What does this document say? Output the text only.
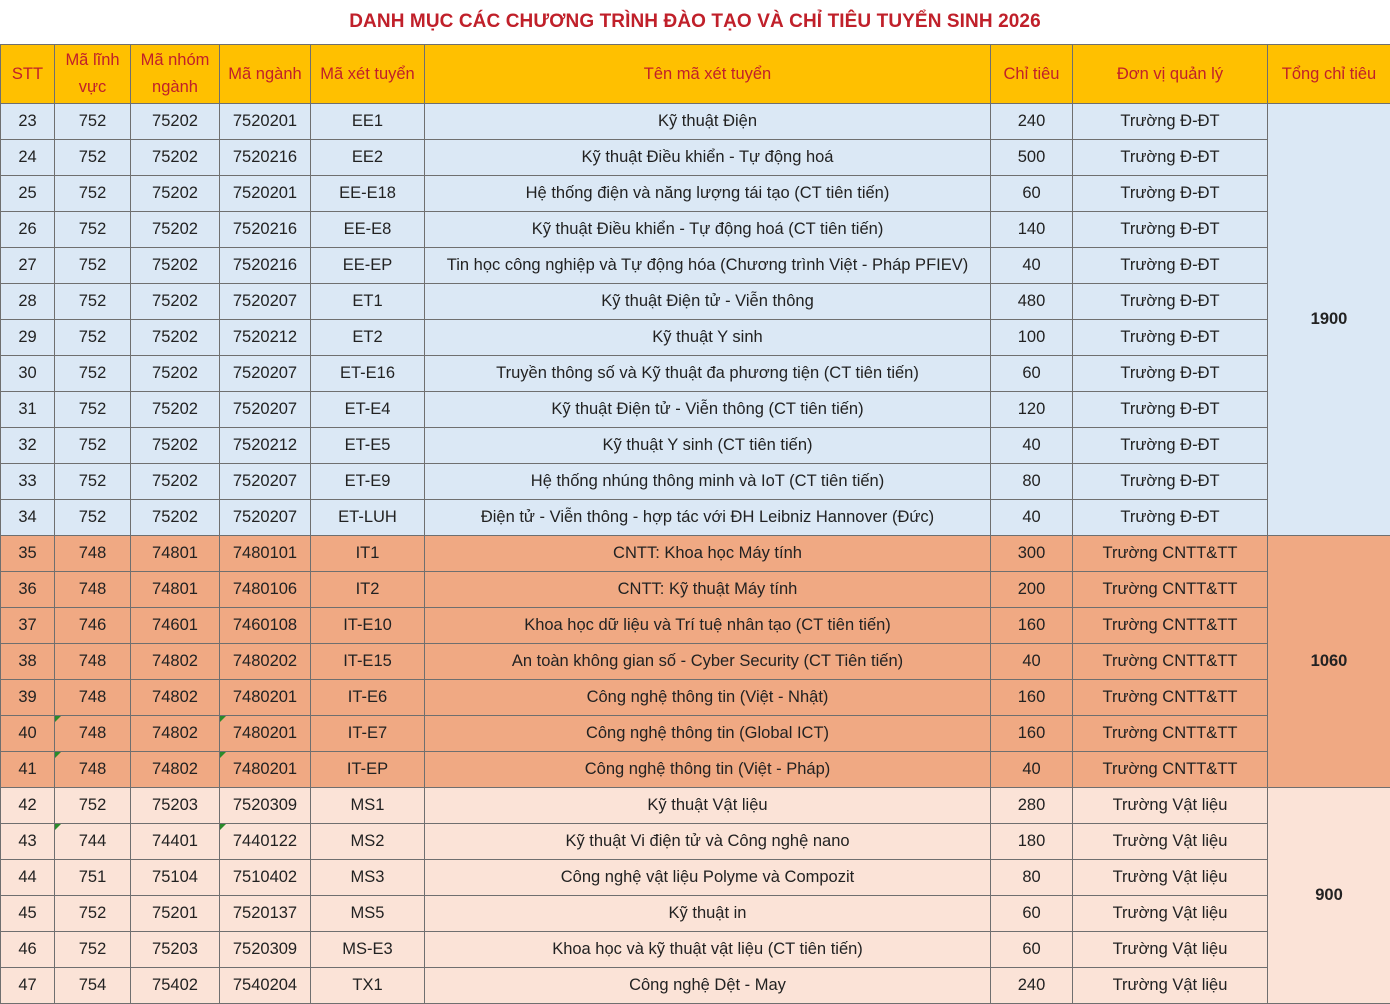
DANH MỤC CÁC CHƯƠNG TRÌNH ĐÀO TẠO VÀ CHỈ TIÊU TUYỂN SINH 2026
STT	Mã lĩnh vực	Mã nhóm ngành	Mã ngành	Mã xét tuyển	Tên mã xét tuyển	Chỉ tiêu	Đơn vị quản lý	Tổng chỉ tiêu
23	752	75202	7520201	EE1	Kỹ thuật Điện	240	Trường Đ-ĐT	1900
24	752	75202	7520216	EE2	Kỹ thuật Điều khiển - Tự động hoá	500	Trường Đ-ĐT	
25	752	75202	7520201	EE-E18	Hệ thống điện và năng lượng tái tạo (CT tiên tiến)	60	Trường Đ-ĐT	
26	752	75202	7520216	EE-E8	Kỹ thuật Điều khiển - Tự động hoá (CT tiên tiến)	140	Trường Đ-ĐT	
27	752	75202	7520216	EE-EP	Tin học công nghiệp và Tự động hóa (Chương trình Việt - Pháp PFIEV)	40	Trường Đ-ĐT	
28	752	75202	7520207	ET1	Kỹ thuật Điện tử - Viễn thông	480	Trường Đ-ĐT	
29	752	75202	7520212	ET2	Kỹ thuật Y sinh	100	Trường Đ-ĐT	
30	752	75202	7520207	ET-E16	Truyền thông số và Kỹ thuật đa phương tiện (CT tiên tiến)	60	Trường Đ-ĐT	
31	752	75202	7520207	ET-E4	Kỹ thuật Điện tử - Viễn thông (CT tiên tiến)	120	Trường Đ-ĐT	
32	752	75202	7520212	ET-E5	Kỹ thuật Y sinh (CT tiên tiến)	40	Trường Đ-ĐT	
33	752	75202	7520207	ET-E9	Hệ thống nhúng thông minh và IoT (CT tiên tiến)	80	Trường Đ-ĐT	
34	752	75202	7520207	ET-LUH	Điện tử - Viễn thông - hợp tác với ĐH Leibniz Hannover (Đức)	40	Trường Đ-ĐT	
35	748	74801	7480101	IT1	CNTT: Khoa học Máy tính	300	Trường CNTT&TT	1060
36	748	74801	7480106	IT2	CNTT: Kỹ thuật Máy tính	200	Trường CNTT&TT	
37	746	74601	7460108	IT-E10	Khoa học dữ liệu và Trí tuệ nhân tạo (CT tiên tiến)	160	Trường CNTT&TT	
38	748	74802	7480202	IT-E15	An toàn không gian số - Cyber Security (CT Tiên tiến)	40	Trường CNTT&TT	
39	748	74802	7480201	IT-E6	Công nghệ thông tin (Việt - Nhật)	160	Trường CNTT&TT	
40	748	74802	7480201	IT-E7	Công nghệ thông tin (Global ICT)	160	Trường CNTT&TT	
41	748	74802	7480201	IT-EP	Công nghệ thông tin (Việt - Pháp)	40	Trường CNTT&TT	
42	752	75203	7520309	MS1	Kỹ thuật Vật liệu	280	Trường Vật liệu	900
43	744	74401	7440122	MS2	Kỹ thuật Vi điện tử và Công nghệ nano	180	Trường Vật liệu	
44	751	75104	7510402	MS3	Công nghệ vật liệu Polyme và Compozit	80	Trường Vật liệu	
45	752	75201	7520137	MS5	Kỹ thuật in	60	Trường Vật liệu	
46	752	75203	7520309	MS-E3	Khoa học và kỹ thuật vật liệu (CT tiên tiến)	60	Trường Vật liệu	
47	754	75402	7540204	TX1	Công nghệ Dệt - May	240	Trường Vật liệu	
